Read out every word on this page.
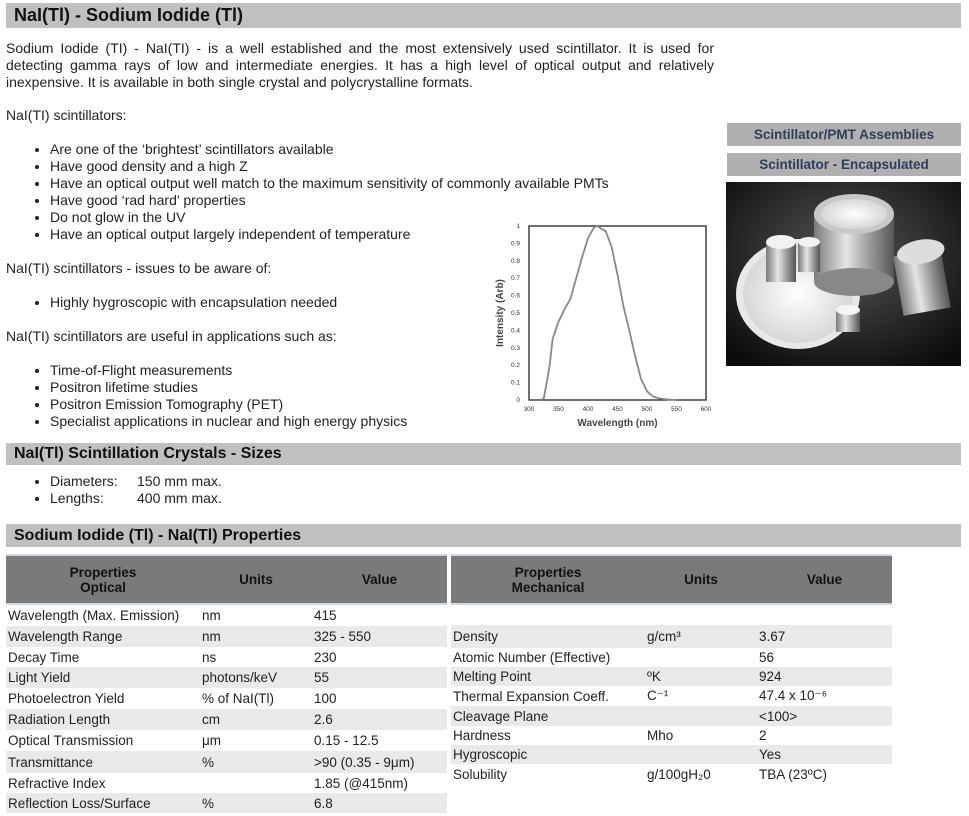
NaI(Tl) - Sodium Iodide (Tl)

Sodium Iodide (TI) - NaI(TI) - is a well established and the most extensively used scintillator. It is used for detecting gamma rays of low and intermediate energies. It has a high level of optical output and relatively inexpensive. It is available in both single crystal and polycrystalline formats.

NaI(TI) scintillators:

• Are one of the ‘brightest’ scintillators available
• Have good density and a high Z
• Have an optical output well match to the maximum sensitivity of commonly available PMTs
• Have good ‘rad hard’ properties
• Do not glow in the UV
• Have an optical output largely independent of temperature

NaI(TI) scintillators - issues to be aware of:

• Highly hygroscopic with encapsulation needed

NaI(TI) scintillators are useful in applications such as:

• Time-of-Flight measurements
• Positron lifetime studies
• Positron Emission Tomography (PET)
• Specialist applications in nuclear and high energy physics
Scintillator/PMT Assemblies
Scintillator - Encapsulated
300	350	400	450	500	550	600
0
0.1
0.2
0.3
0.4
0.5
0.6
0.7
0.8
0.9
1
Wavelength (nm)
Intensity (Arb)
NaI(Tl) Scintillation Crystals - Sizes
• Diameters: 150 mm max.
• Lengths: 400 mm max.
Sodium Iodide (Tl) - NaI(Tl) Properties
Properties
Optical	Units	Value
Wavelength (Max. Emission)	nm	415
Wavelength Range	nm	325 - 550
Decay Time	ns	230
Light Yield	photons/keV	55
Photoelectron Yield	% of NaI(Tl)	100
Radiation Length	cm	2.6
Optical Transmission	μm	0.15 - 12.5
Transmittance	%	>90 (0.35 - 9μm)
Refractive Index		1.85 (@415nm)
Reflection Loss/Surface	%	6.8
Properties
Mechanical	Units	Value

Density	g/cm³	3.67
Atomic Number (Effective)		56
Melting Point	ºK	924
Thermal Expansion Coeff.	C⁻¹	47.4 x 10⁻⁶
Cleavage Plane		<100>
Hardness	Mho	2
Hygroscopic		Yes
Solubility	g/100gH₂0	TBA (23ºC)
